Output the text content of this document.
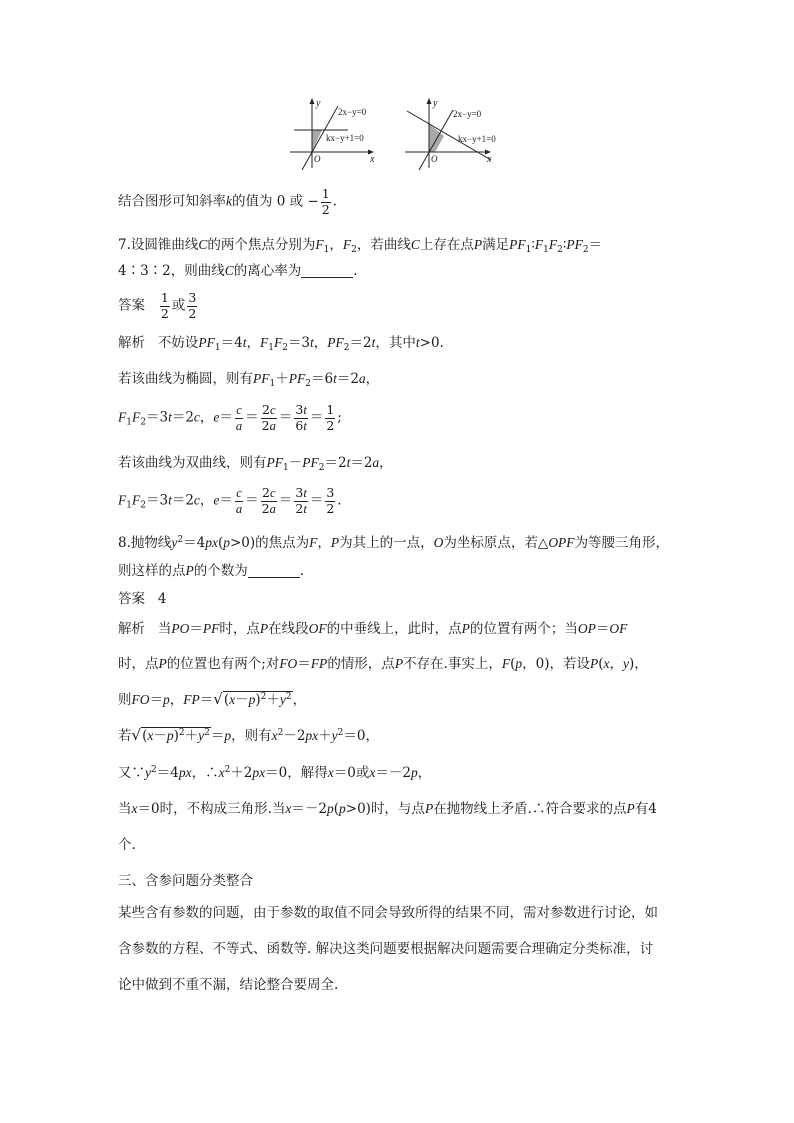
y
2x−y=0
kx−y+1=0
O	x
y
2x−y=0
kx−y+1=0
O	x
结合图形可知斜率k的值为 0 或 − $\frac{1}{2}$ .
7.设圆锥曲线C的两个焦点分别为$F_1$，$F_2$，若曲线C上存在点P满足$PF_1∶F_1F_2∶PF_2=$
4∶3∶2，则曲线C的离心率为	.
答案 $\frac{1}{2}$ 或 $\frac{3}{2}$
解析 不妨设$PF_1=4t$，$F_1F_2=3t$，$PF_2=2t$，其中t>0.
若该曲线为椭圆，则有$PF_1+PF_2=6t=2a$，
$F_1F_2=3t=2c$，$e= \frac{c}{a} = \frac{2c}{2a} = \frac{3t}{6t} = \frac{1}{2}$ ;
若该曲线为双曲线，则有$PF_1-PF_2=2t=2a$，
$F_1F_2=3t=2c$，$e= \frac{c}{a} = \frac{2c}{2a} = \frac{3t}{2t} = \frac{3}{2}$ .
8.抛物线$y^2=4px(p>0)$的焦点为F，P为其上的一点，O为坐标原点，若△OPF为等腰三角形，
则这样的点P的个数为	.
答案 4
解析 当PO＝PF时，点P在线段OF的中垂线上，此时，点P的位置有两个；当OP＝OF
时，点P的位置也有两个;对FO＝FP的情形，点P不存在.事实上，F(p，0)，若设P(x，y)，
则FO＝p，$FP=√(x-p)^2+y^2$，
若$√(x-p)^2+y^2=p$，则有$x^2-2px+y^2=0$，
又$\because y^2=4px$，$\therefore x^2+2px=0$，解得x＝0或x＝－2p，
当x＝0时，不构成三角形.当x＝－2p(p>0)时，与点P在抛物线上矛盾.∴符合要求的点P有4
个.
三、含参问题分类整合
某些含有参数的问题，由于参数的取值不同会导致所得的结果不同，需对参数进行讨论，如
含参数的方程、不等式、函数等. 解决这类问题要根据解决问题需要合理确定分类标准，讨
论中做到不重不漏，结论整合要周全.
